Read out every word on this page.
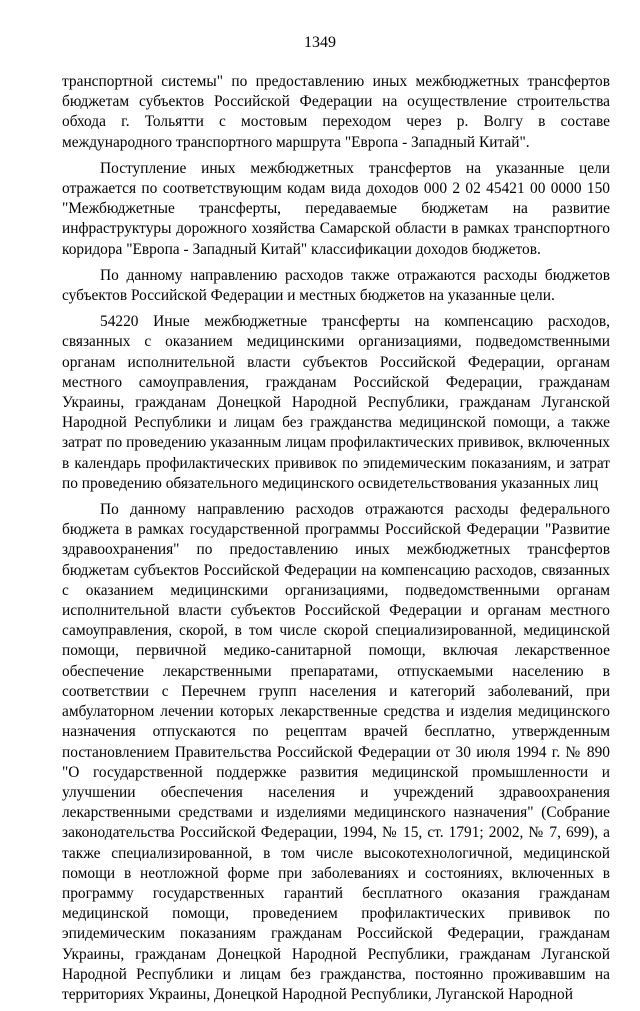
1349

транспортной системы" по предоставлению иных межбюджетных трансфертов бюджетам субъектов Российской Федерации на осуществление строительства обхода г. Тольятти с мостовым переходом через р. Волгу в составе международного транспортного маршрута "Европа - Западный Китай".

Поступление иных межбюджетных трансфертов на указанные цели отражается по соответствующим кодам вида доходов 000 2 02 45421 00 0000 150 "Межбюджетные трансферты, передаваемые бюджетам на развитие инфраструктуры дорожного хозяйства Самарской области в рамках транспортного коридора "Европа - Западный Китай" классификации доходов бюджетов.

По данному направлению расходов также отражаются расходы бюджетов субъектов Российской Федерации и местных бюджетов на указанные цели.

54220 Иные межбюджетные трансферты на компенсацию расходов, связанных с оказанием медицинскими организациями, подведомственными органам исполнительной власти субъектов Российской Федерации, органам местного самоуправления, гражданам Российской Федерации, гражданам Украины, гражданам Донецкой Народной Республики, гражданам Луганской Народной Республики и лицам без гражданства медицинской помощи, а также затрат по проведению указанным лицам профилактических прививок, включенных в календарь профилактических прививок по эпидемическим показаниям, и затрат по проведению обязательного медицинского освидетельствования указанных лиц

По данному направлению расходов отражаются расходы федерального бюджета в рамках государственной программы Российской Федерации "Развитие здравоохранения" по предоставлению иных межбюджетных трансфертов бюджетам субъектов Российской Федерации на компенсацию расходов, связанных с оказанием медицинскими организациями, подведомственными органам исполнительной власти субъектов Российской Федерации и органам местного самоуправления, скорой, в том числе скорой специализированной, медицинской помощи, первичной медико-санитарной помощи, включая лекарственное обеспечение лекарственными препаратами, отпускаемыми населению в соответствии с Перечнем групп населения и категорий заболеваний, при амбулаторном лечении которых лекарственные средства и изделия медицинского назначения отпускаются по рецептам врачей бесплатно, утвержденным постановлением Правительства Российской Федерации от 30 июля 1994 г. № 890 "О государственной поддержке развития медицинской промышленности и улучшении обеспечения населения и учреждений здравоохранения лекарственными средствами и изделиями медицинского назначения" (Собрание законодательства Российской Федерации, 1994, № 15, ст. 1791; 2002, № 7, 699), а также специализированной, в том числе высокотехнологичной, медицинской помощи в неотложной форме при заболеваниях и состояниях, включенных в программу государственных гарантий бесплатного оказания гражданам медицинской помощи, проведением профилактических прививок по эпидемическим показаниям гражданам Российской Федерации, гражданам Украины, гражданам Донецкой Народной Республики, гражданам Луганской Народной Республики и лицам без гражданства, постоянно проживавшим на территориях Украины, Донецкой Народной Республики, Луганской Народной
